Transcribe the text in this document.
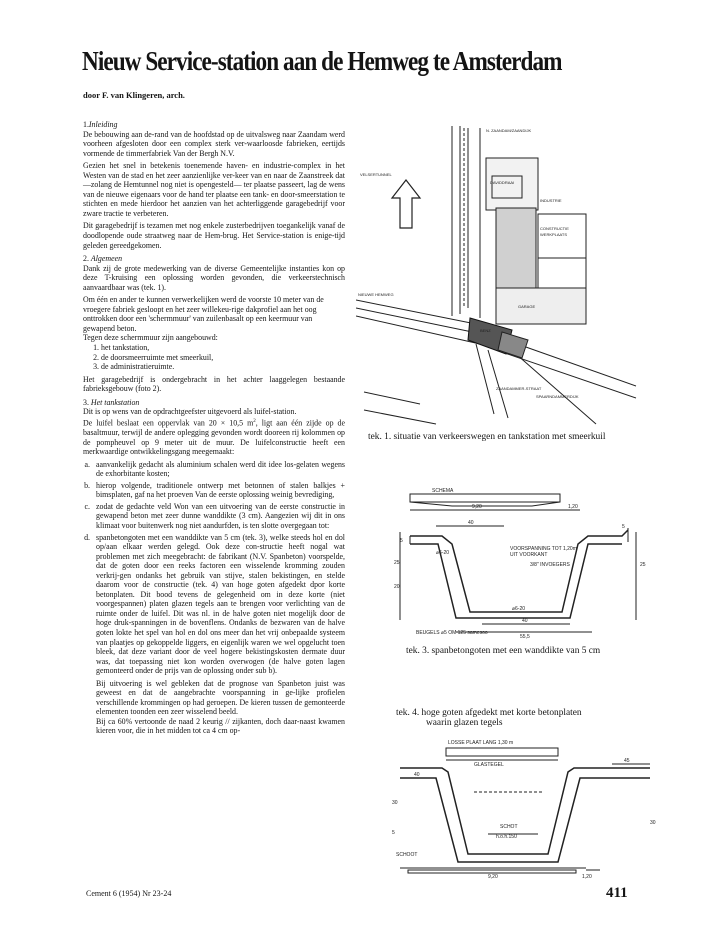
Nieuw Service-station aan de Hemweg te Amsterdam
door F. van Klingeren, arch.
1.Inleiding

De bebouwing aan de-rand van de hoofdstad op de uitvalsweg naar Zaandam werd voorheen afgesloten door een complex sterk ver-waarloosde fabrieken, eertijds vormende de timmerfabriek Van der Bergh N.V.

Gezien het snel in betekenis toenemende haven- en industrie-complex in het Westen van de stad en het zeer aanzienlijke ver-keer van en naar de Zaanstreek dat —zolang de Hemtunnel nog niet is opengesteld— ter plaatse passeert, lag de wens van de nieuwe eigenaars voor de hand ter plaatse een tank- en door-smeerstation te stichten en mede hierdoor het aanzien van het achterliggende garagebedrijf voor zware tractie te verbeteren.

Dit garagebedrijf is tezamen met nog enkele zusterbedrijven toegankelijk vanaf de doodlopende oude straatweg naar de Hem-brug. Het Service-station is enige-tijd geleden gereedgekomen.

2. Algemeen

Dank zij de grote medewerking van de diverse Gemeentelijke instanties kon op deze T-kruising een oplossing worden gevonden, die verkeerstechnisch aanvaardbaar was (tek. 1).

Om één en ander te kunnen verwerkelijken werd de voorste 10 meter van de vroegere fabriek gesloopt en het zeer willekeu-rige dakprofiel aan het oog onttrokken door een 'schermmuur' van zuilenbasalt op een keermuur van gewapend beton.

Tegen deze schermmuur zijn aangebouwd:

1. het tankstation,
2. de doorsmeerruimte met smeerkuil,
3. de administratieruimte.

Het garagebedrijf is ondergebracht in het achter laaggelegen bestaande fabrieksgebouw (foto 2).

3. Het tankstation

Dit is op wens van de opdrachtgeefster uitgevoerd als luifel-station.

De luifel beslaat een oppervlak van 20 × 10,5 $m^2$, ligt aan één zijde op de basaltmuur, terwijl de andere oplegging gevonden wordt dooreen rij kolommen op de pompheuvel op 9 meter uit de muur. De luifelconstructie heeft een merkwaardige ontwikkelingsgang meegemaakt:

a. aanvankelijk gedacht als aluminium schalen werd dit idee los-gelaten wegens de exhorbitante kosten;
b. hierop volgende, traditionele ontwerp met betonnen of stalen balkjes + bimsplaten, gaf na het proeven Van de eerste oplossing weinig bevrediging,
c. zodat de gedachte veld Won van een uitvoering van de eerste constructie in gewapend beton met zeer dunne wanddikte (3 cm). Aangezien wij dit in ons klimaat voor buitenwerk nog niet aandurfden, is ten slotte overgegaan tot:
d. spanbetongoten met een wanddikte van 5 cm (tek. 3), welke steeds hol en dol op/aan elkaar werden gelegd. Ook deze con-structie heeft nogal wat problemen met zich meegebracht: de fabrikant (N.V. Spanbeton) voorspelde, dat de goten door een reeks factoren een wisselende kromming zouden verkrij-gen ondanks het gebruik van stijve, stalen bekistingen, en stelde daarom voor de constructie (tek. 4) van hoge goten afgedekt dpor korte betonplaten. Dit bood tevens de gelegenheid om in deze korte (niet voorgespannen) platen glazen tegels aan te brengen voor verlichting van de ruimte onder de luifel. Dit was nl. in de halve goten niet mogelijk door de hoge druk-spanningen in de bovenflens. Ondanks de bezwaren van de halve goten lokte het spel van hol en dol ons meer dan het vrij onbepaalde systeem van plaatjes op gekoppelde liggers, en eigenlijk waren we wel opgelucht toen bleek, dat deze variant door de veel hogere bekistingskosten dermate duur was, dat toepassing niet kon worden overwogen (de halve goten lagen gemonteerd onder de prijs van de oplossing onder sub b).

Bij uitvoering is wel gebleken dat de prognose van Spanbeton juist was geweest en dat de aangebrachte voorspanning in ge-lijke profielen verschillende krommingen op had geroepen. De kieren tussen de gemonteerde elementen toonden een zeer wisselend beeld.

Bij ca 60% vertoonde de naad 2 keurig // zijkanten, doch daar-naast kwamen kieren voor, die in het midden tot ca 4 cm op-

N. ZAANDAM/ZAANDIJK
VELSERTUNNEL
DAVIDDRAAI
INDUSTRIE
CONSTRUCTIE
WERKPLAATS
GARAGE
NIEUWE HEMWEG
BENZ
SPAARNDAMMERDIJK
ZAANDAMMER-STRAAT
tek. 1. situatie van verkeerswegen en tankstation met smeerkuil
SCHEMA
9,20	1,20
40
5
5
25
20
25
40
55,5
⌀6-20
⌀6-20
VOORSPANNING TOT 1,20m
UIT VOORKANT
3/8" INVOEGERS
BEUGELS ⌀5 OM 125 samesoo
tek. 3. spanbetongoten met een wanddikte van 5 cm
tek. 4. hoge goten afgedekt met korte betonplaten
waarin glazen tegels
LOSSE PLAAT LANG 1,30 m
GLASTEGEL
40
30
45
5
30
SCHOT
h.o.h.150
SCHOOT
9,20	1,20
Cement 6 (1954) Nr 23-24	411
